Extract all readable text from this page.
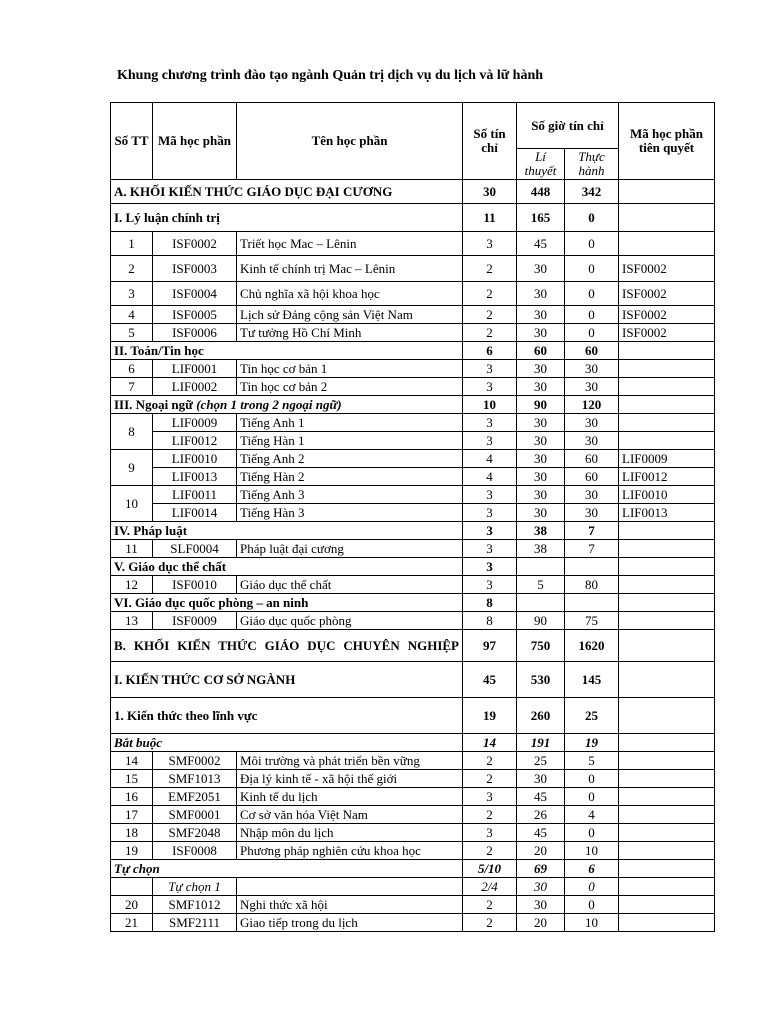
Khung chương trình đào tạo ngành Quản trị dịch vụ du lịch và lữ hành
Số TT	Mã học phần	Tên học phần	Số tín chỉ	Số giờ tín chỉ		Mã học phần tiên quyết
				Lí thuyết	Thực hành	
A. KHỐI KIẾN THỨC GIÁO DỤC ĐẠI CƯƠNG			30	448	342	
I. Lý luận chính trị			11	165	0	
1	ISF0002	Triết học Mac – Lênin	3	45	0	
2	ISF0003	Kinh tế chính trị Mac – Lênin	2	30	0	ISF0002
3	ISF0004	Chủ nghĩa xã hội khoa học	2	30	0	ISF0002
4	ISF0005	Lịch sử Đảng cộng sản Việt Nam	2	30	0	ISF0002
5	ISF0006	Tư tưởng Hồ Chí Minh	2	30	0	ISF0002
II. Toán/Tin học			6	60	60	
6	LIF0001	Tin học cơ bản 1	3	30	30	
7	LIF0002	Tin học cơ bản 2	3	30	30	
III. Ngoại ngữ (chọn 1 trong 2 ngoại ngữ)			10	90	120	
8	LIF0009	Tiếng Anh 1	3	30	30	
	LIF0012	Tiếng Hàn 1	3	30	30	
9	LIF0010	Tiếng Anh 2	4	30	60	LIF0009
	LIF0013	Tiếng Hàn 2	4	30	60	LIF0012
10	LIF0011	Tiếng Anh 3	3	30	30	LIF0010
	LIF0014	Tiếng Hàn 3	3	30	30	LIF0013
IV. Pháp luật			3	38	7	
11	SLF0004	Pháp luật đại cương	3	38	7	
V. Giáo dục thể chất			3			
12	ISF0010	Giáo dục thể chất	3	5	80	
VI. Giáo dục quốc phòng – an ninh			8			
13	ISF0009	Giáo dục quốc phòng	8	90	75	
B. KHỐI KIẾN THỨC GIÁO DỤC CHUYÊN NGHIỆP			97	750	1620	
I. KIẾN THỨC CƠ SỞ NGÀNH			45	530	145	
1. Kiến thức theo lĩnh vực			19	260	25	
Bắt buộc			14	191	19	
14	SMF0002	Môi trường và phát triển bền vững	2	25	5	
15	SMF1013	Địa lý kinh tế - xã hội thế giới	2	30	0	
16	EMF2051	Kinh tế du lịch	3	45	0	
17	SMF0001	Cơ sở văn hóa Việt Nam	2	26	4	
18	SMF2048	Nhập môn du lịch	3	45	0	
19	ISF0008	Phương pháp nghiên cứu khoa học	2	20	10	
Tự chọn			5/10	69	6	
	Tự chọn 1		2/4	30	0	
20	SMF1012	Nghi thức xã hội	2	30	0	
21	SMF2111	Giao tiếp trong du lịch	2	20	10	
